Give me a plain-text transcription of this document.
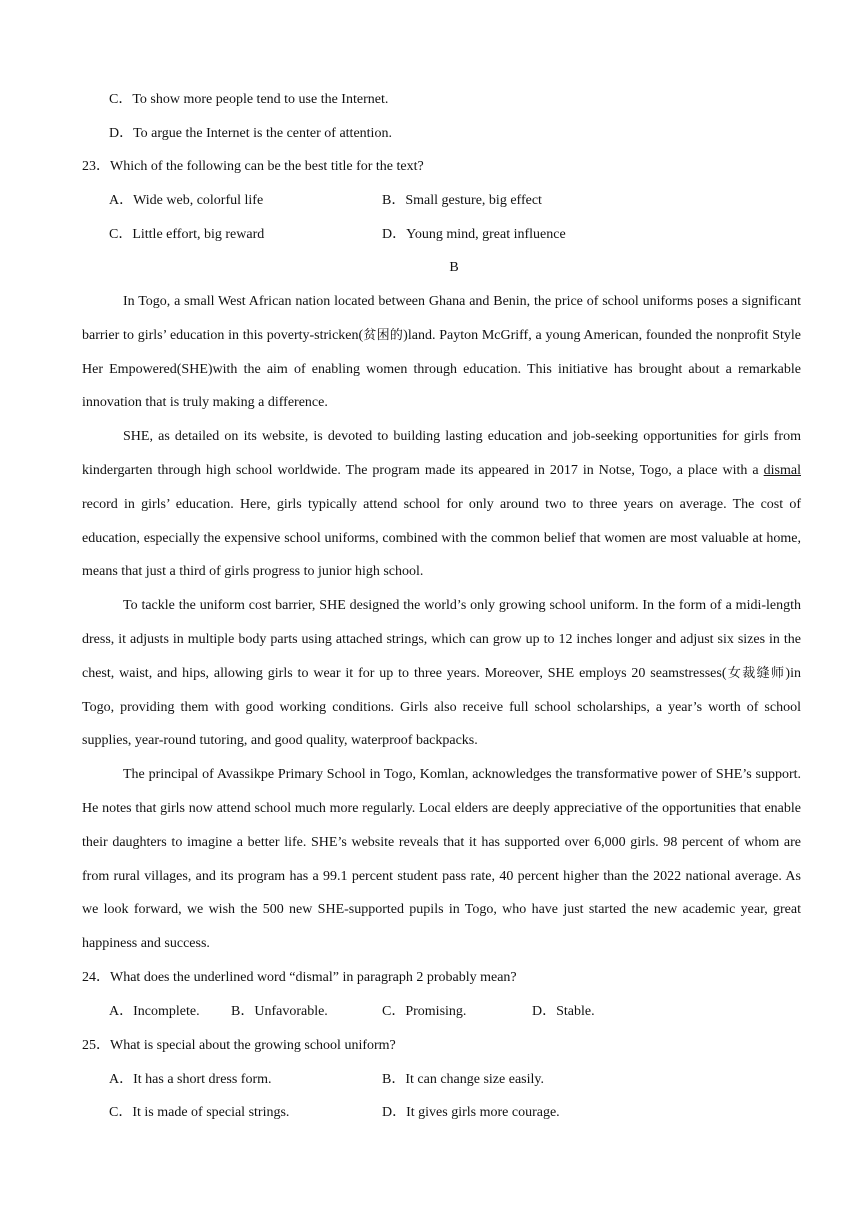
C．To show more people tend to use the Internet.
D．To argue the Internet is the center of attention.
23．Which of the following can be the best title for the text?
A．Wide web, colorful life	B．Small gesture, big effect
C．Little effort, big reward	D．Young mind, great influence
B

In Togo, a small West African nation located between Ghana and Benin, the price of school uniforms poses a significant barrier to girls’ education in this poverty-stricken(贫困的)land. Payton McGriff, a young American, founded the nonprofit Style Her Empowered(SHE)with the aim of enabling women through education. This initiative has brought about a remarkable innovation that is truly making a difference.

SHE, as detailed on its website, is devoted to building lasting education and job-seeking opportunities for girls from kindergarten through high school worldwide. The program made its appeared in 2017 in Notse, Togo, a place with a dismal record in girls’ education. Here, girls typically attend school for only around two to three years on average. The cost of education, especially the expensive school uniforms, combined with the common belief that women are most valuable at home, means that just a third of girls progress to junior high school.

To tackle the uniform cost barrier, SHE designed the world’s only growing school uniform. In the form of a midi-length dress, it adjusts in multiple body parts using attached strings, which can grow up to 12 inches longer and adjust six sizes in the chest, waist, and hips, allowing girls to wear it for up to three years. Moreover, SHE employs 20 seamstresses(女裁缝师)in Togo, providing them with good working conditions. Girls also receive full school scholarships, a year’s worth of school supplies, year-round tutoring, and good quality, waterproof backpacks.

The principal of Avassikpe Primary School in Togo, Komlan, acknowledges the transformative power of SHE’s support. He notes that girls now attend school much more regularly. Local elders are deeply appreciative of the opportunities that enable their daughters to imagine a better life. SHE’s website reveals that it has supported over 6,000 girls. 98 percent of whom are from rural villages, and its program has a 99.1 percent student pass rate, 40 percent higher than the 2022 national average. As we look forward, we wish the 500 new SHE-supported pupils in Togo, who have just started the new academic year, great happiness and success.

24．What does the underlined word “dismal” in paragraph 2 probably mean?
A．Incomplete. B．Unfavorable.	C．Promising.	D．Stable.
25．What is special about the growing school uniform?
A．It has a short dress form.	B．It can change size easily.
C．It is made of special strings.	D．It gives girls more courage.
